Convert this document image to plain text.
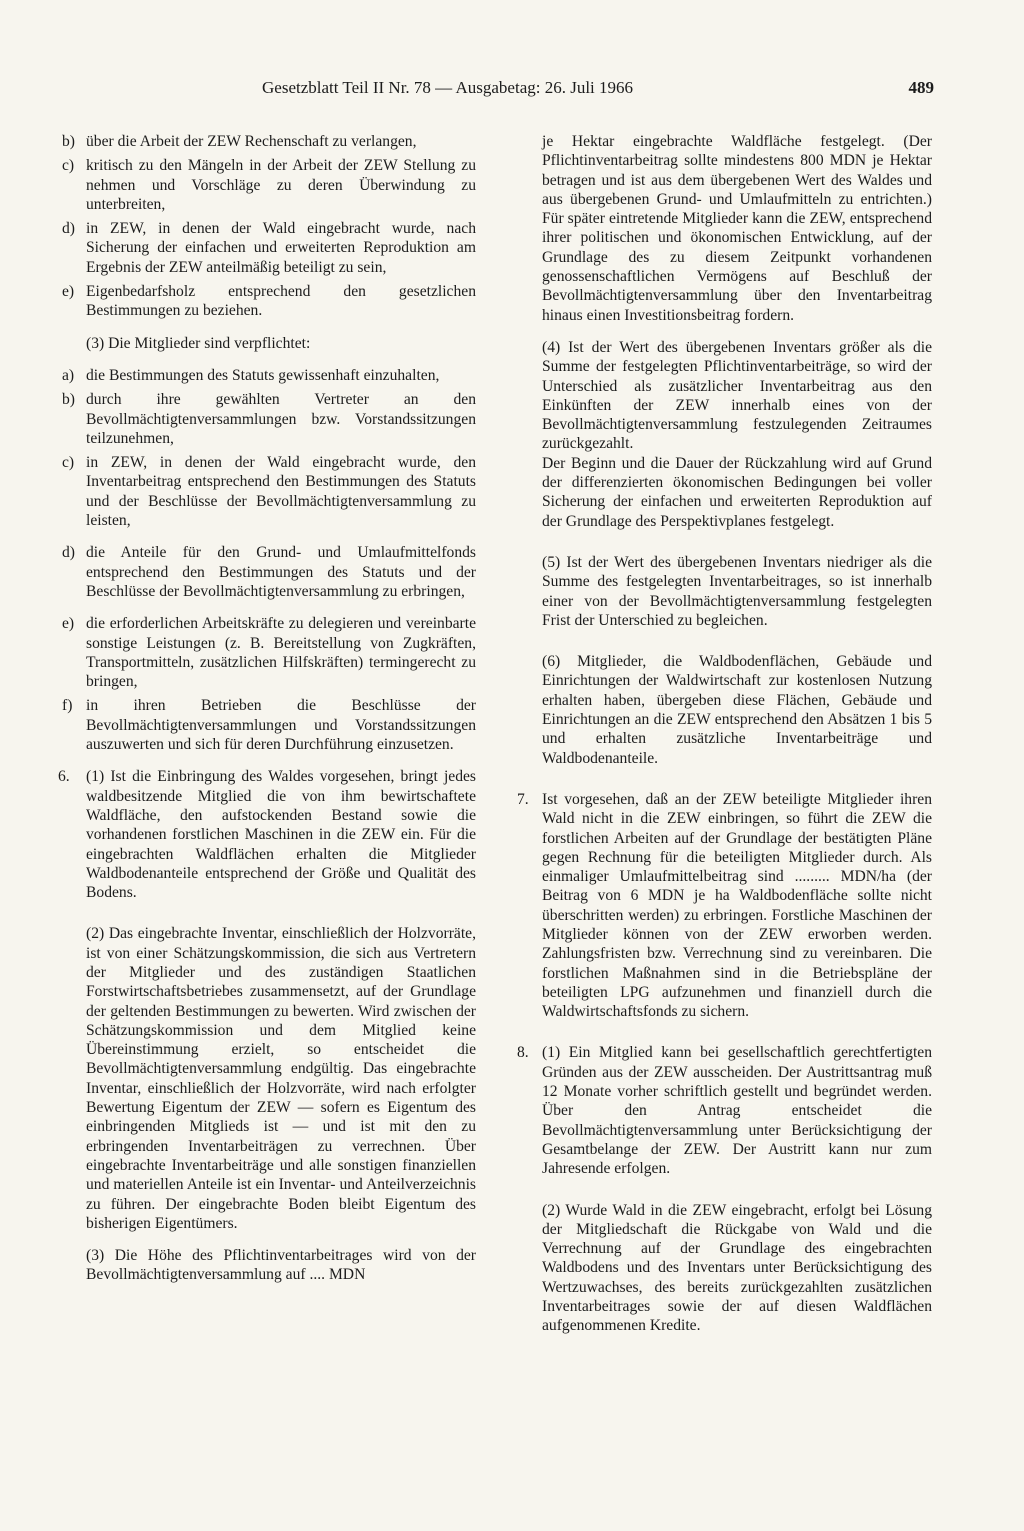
Gesetzblatt Teil II Nr. 78 — Ausgabetag: 26. Juli 1966	489

b) über die Arbeit der ZEW Rechenschaft zu verlangen,

c) kritisch zu den Mängeln in der Arbeit der ZEW Stellung zu nehmen und Vorschläge zu deren Überwindung zu unterbreiten,

d) in ZEW, in denen der Wald eingebracht wurde, nach Sicherung der einfachen und erweiterten Reproduktion am Ergebnis der ZEW anteilmäßig beteiligt zu sein,

e) Eigenbedarfsholz entsprechend den gesetzlichen Bestimmungen zu beziehen.

(3) Die Mitglieder sind verpflichtet:

a) die Bestimmungen des Statuts gewissenhaft einzuhalten,

b) durch ihre gewählten Vertreter an den Bevollmächtigtenversammlungen bzw. Vorstandssitzungen teilzunehmen,

c) in ZEW, in denen der Wald eingebracht wurde, den Inventarbeitrag entsprechend den Bestimmungen des Statuts und der Beschlüsse der Bevollmächtigtenversammlung zu leisten,

d) die Anteile für den Grund- und Umlaufmittelfonds entsprechend den Bestimmungen des Statuts und der Beschlüsse der Bevollmächtigtenversammlung zu erbringen,

e) die erforderlichen Arbeitskräfte zu delegieren und vereinbarte sonstige Leistungen (z. B. Bereitstellung von Zugkräften, Transportmitteln, zusätzlichen Hilfskräften) termingerecht zu bringen,

f) in ihren Betrieben die Beschlüsse der Bevollmächtigtenversammlungen und Vorstandssitzungen auszuwerten und sich für deren Durchführung einzusetzen.

6. (1) Ist die Einbringung des Waldes vorgesehen, bringt jedes waldbesitzende Mitglied die von ihm bewirtschaftete Waldfläche, den aufstockenden Bestand sowie die vorhandenen forstlichen Maschinen in die ZEW ein. Für die eingebrachten Waldflächen erhalten die Mitglieder Waldbodenanteile entsprechend der Größe und Qualität des Bodens.

(2) Das eingebrachte Inventar, einschließlich der Holzvorräte, ist von einer Schätzungskommission, die sich aus Vertretern der Mitglieder und des zuständigen Staatlichen Forstwirtschaftsbetriebes zusammensetzt, auf der Grundlage der geltenden Bestimmungen zu bewerten. Wird zwischen der Schätzungskommission und dem Mitglied keine Übereinstimmung erzielt, so entscheidet die Bevollmächtigtenversammlung endgültig. Das eingebrachte Inventar, einschließlich der Holzvorräte, wird nach erfolgter Bewertung Eigentum der ZEW — sofern es Eigentum des einbringenden Mitglieds ist — und ist mit den zu erbringenden Inventarbeiträgen zu verrechnen. Über eingebrachte Inventarbeiträge und alle sonstigen finanziellen und materiellen Anteile ist ein Inventar- und Anteilverzeichnis zu führen. Der eingebrachte Boden bleibt Eigentum des bisherigen Eigentümers.

(3) Die Höhe des Pflichtinventarbeitrages wird von der Bevollmächtigtenversammlung auf .... MDN

je Hektar eingebrachte Waldfläche festgelegt. (Der Pflichtinventarbeitrag sollte mindestens 800 MDN je Hektar betragen und ist aus dem übergebenen Wert des Waldes und aus übergebenen Grund- und Umlaufmitteln zu entrichten.) Für später eintretende Mitglieder kann die ZEW, entsprechend ihrer politischen und ökonomischen Entwicklung, auf der Grundlage des zu diesem Zeitpunkt vorhandenen genossenschaftlichen Vermögens auf Beschluß der Bevollmächtigtenversammlung über den Inventarbeitrag hinaus einen Investitionsbeitrag fordern.

(4) Ist der Wert des übergebenen Inventars größer als die Summe der festgelegten Pflichtinventarbeiträge, so wird der Unterschied als zusätzlicher Inventarbeitrag aus den Einkünften der ZEW innerhalb eines von der Bevollmächtigtenversammlung festzulegenden Zeitraumes zurückgezahlt.

Der Beginn und die Dauer der Rückzahlung wird auf Grund der differenzierten ökonomischen Bedingungen bei voller Sicherung der einfachen und erweiterten Reproduktion auf der Grundlage des Perspektivplanes festgelegt.

(5) Ist der Wert des übergebenen Inventars niedriger als die Summe des festgelegten Inventarbeitrages, so ist innerhalb einer von der Bevollmächtigtenversammlung festgelegten Frist der Unterschied zu begleichen.

(6) Mitglieder, die Waldbodenflächen, Gebäude und Einrichtungen der Waldwirtschaft zur kostenlosen Nutzung erhalten haben, übergeben diese Flächen, Gebäude und Einrichtungen an die ZEW entsprechend den Absätzen 1 bis 5 und erhalten zusätzliche Inventarbeiträge und Waldbodenanteile.

7. Ist vorgesehen, daß an der ZEW beteiligte Mitglieder ihren Wald nicht in die ZEW einbringen, so führt die ZEW die forstlichen Arbeiten auf der Grundlage der bestätigten Pläne gegen Rechnung für die beteiligten Mitglieder durch. Als einmaliger Umlaufmittelbeitrag sind ......... MDN/ha (der Beitrag von 6 MDN je ha Waldbodenfläche sollte nicht überschritten werden) zu erbringen. Forstliche Maschinen der Mitglieder können von der ZEW erworben werden. Zahlungsfristen bzw. Verrechnung sind zu vereinbaren. Die forstlichen Maßnahmen sind in die Betriebspläne der beteiligten LPG aufzunehmen und finanziell durch die Waldwirtschaftsfonds zu sichern.

8. (1) Ein Mitglied kann bei gesellschaftlich gerechtfertigten Gründen aus der ZEW ausscheiden. Der Austrittsantrag muß 12 Monate vorher schriftlich gestellt und begründet werden. Über den Antrag entscheidet die Bevollmächtigtenversammlung unter Berücksichtigung der Gesamtbelange der ZEW. Der Austritt kann nur zum Jahresende erfolgen.

(2) Wurde Wald in die ZEW eingebracht, erfolgt bei Lösung der Mitgliedschaft die Rückgabe von Wald und die Verrechnung auf der Grundlage des eingebrachten Waldbodens und des Inventars unter Berücksichtigung des Wertzuwachses, des bereits zurückgezahlten zusätzlichen Inventarbeitrages sowie der auf diesen Waldflächen aufgenommenen Kredite.
